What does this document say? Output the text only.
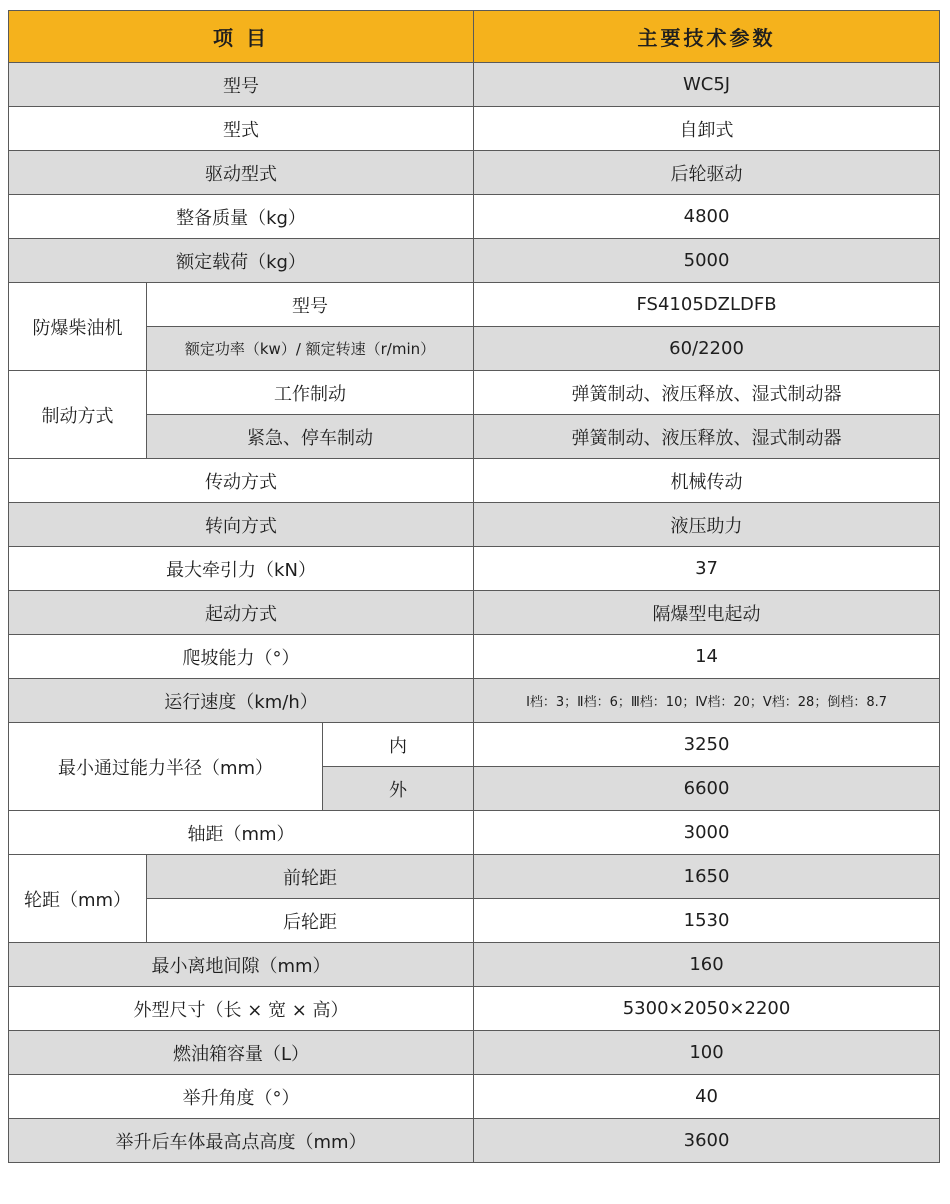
项 目			主要技术参数
型号			WC5J
型式			自卸式
驱动型式			后轮驱动
整备质量（kg）			4800
额定载荷（kg）			5000
防爆柴油机	型号		FS4105DZLDFB
	额定功率（kw）/ 额定转速（r/min）		60/2200
制动方式	工作制动		弹簧制动、液压释放、湿式制动器
	紧急、停车制动		弹簧制动、液压释放、湿式制动器
传动方式			机械传动
转向方式			液压助力
最大牵引力（kN）			37
起动方式			隔爆型电起动
爬坡能力（°）			14
运行速度（km/h）			Ⅰ档：3；Ⅱ档：6；Ⅲ档：10；Ⅳ档：20；Ⅴ档：28；倒档：8.7
最小通过能力半径（mm）		内	3250
		外	6600
轴距（mm）			3000
轮距（mm）	前轮距		1650
	后轮距		1530
最小离地间隙（mm）			160
外型尺寸（长 × 宽 × 高）			5300×2050×2200
燃油箱容量（L）			100
举升角度（°）			40
举升后车体最高点高度（mm）			3600
